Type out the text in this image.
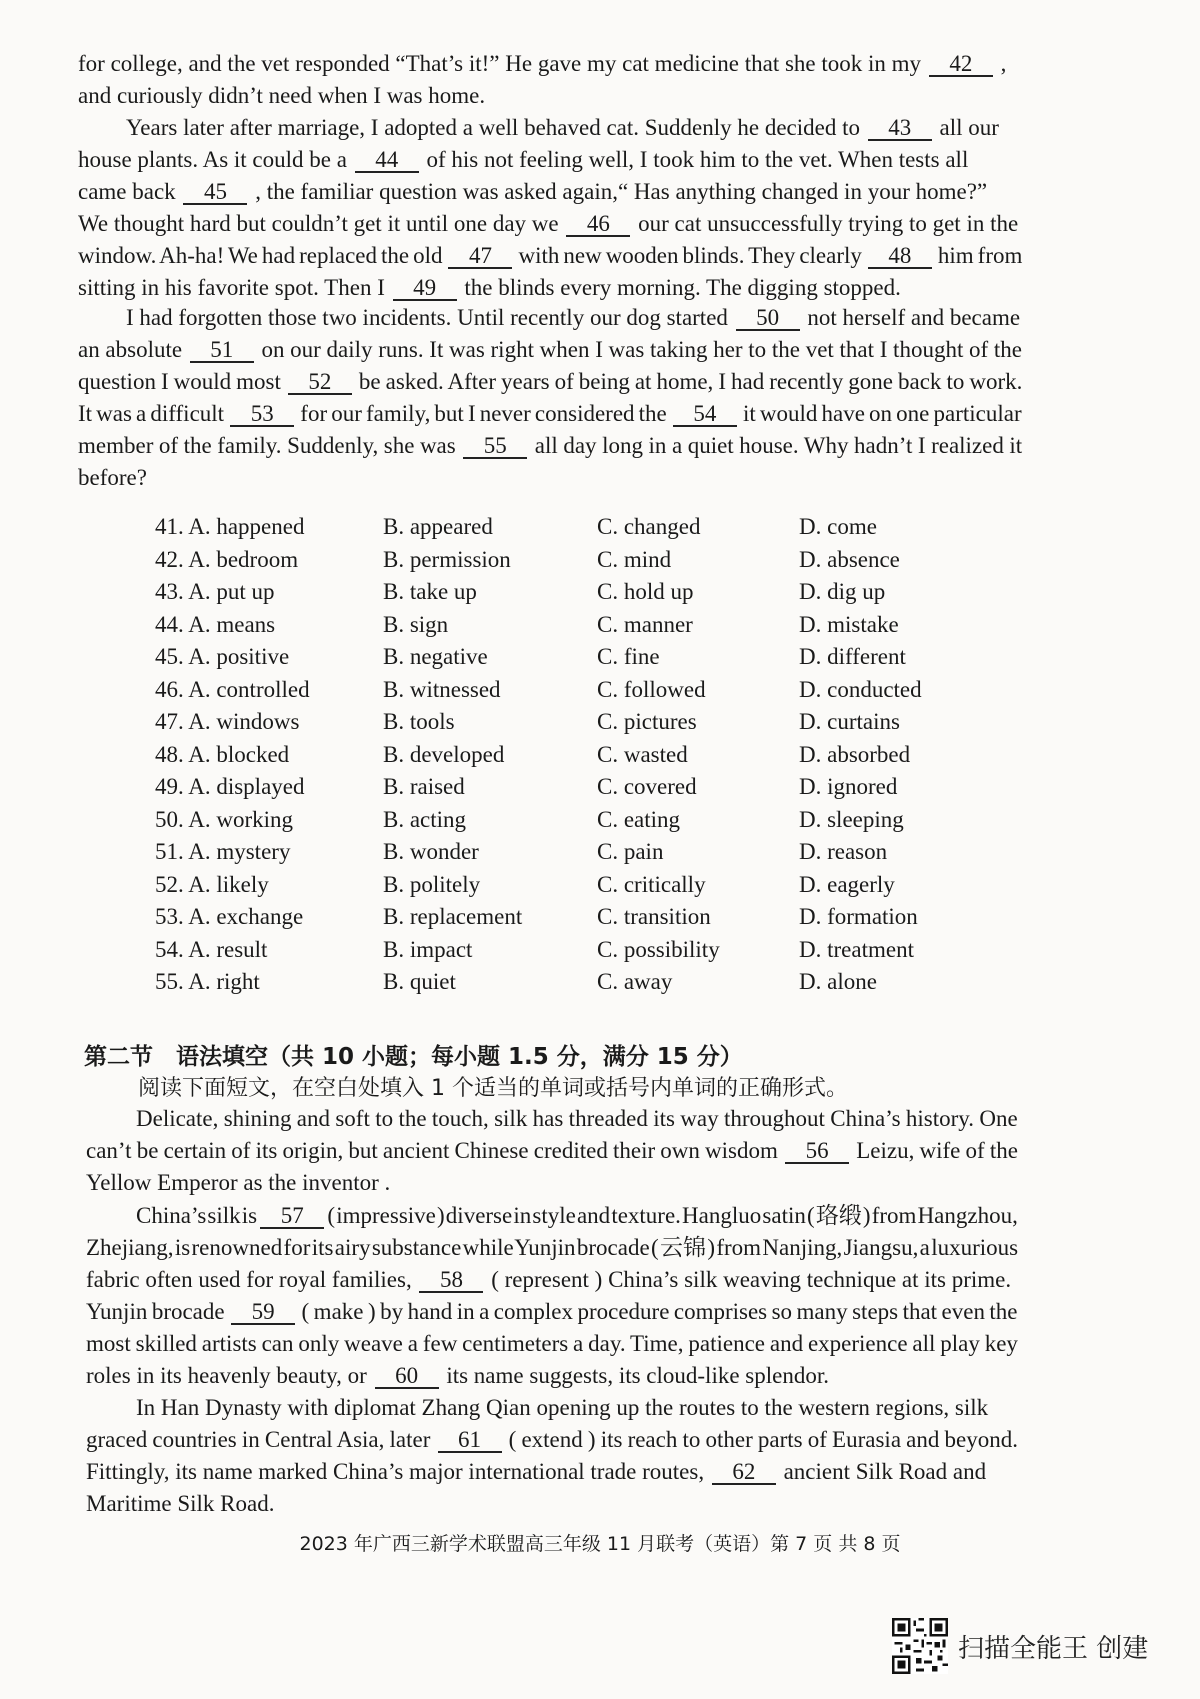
for college, and the vet responded “That’s it!” He gave my cat medicine that she took in my 42 ,
and curiously didn’t need when I was home.
Years later after marriage, I adopted a well behaved cat. Suddenly he decided to 43 all our
house plants. As it could be a 44 of his not feeling well, I took him to the vet. When tests all
came back 45 , the familiar question was asked again,“ Has anything changed in your home?”
We thought hard but couldn’t get it until one day we 46 our cat unsuccessfully trying to get in the
window. Ah-ha! We had replaced the old 47 with new wooden blinds. They clearly 48 him from
sitting in his favorite spot. Then I 49 the blinds every morning. The digging stopped.
I had forgotten those two incidents. Until recently our dog started 50 not herself and became
an absolute 51 on our daily runs. It was right when I was taking her to the vet that I thought of the
question I would most 52 be asked. After years of being at home, I had recently gone back to work.
It was a difficult 53 for our family, but I never considered the 54 it would have on one particular
member of the family. Suddenly, she was 55 all day long in a quiet house. Why hadn’t I realized it
before?
41. A. happened	B. appeared	C. changed	D. come
42. A. bedroom	B. permission	C. mind	D. absence
43. A. put up	B. take up	C. hold up	D. dig up
44. A. means	B. sign	C. manner	D. mistake
45. A. positive	B. negative	C. fine	D. different
46. A. controlled	B. witnessed	C. followed	D. conducted
47. A. windows	B. tools	C. pictures	D. curtains
48. A. blocked	B. developed	C. wasted	D. absorbed
49. A. displayed	B. raised	C. covered	D. ignored
50. A. working	B. acting	C. eating	D. sleeping
51. A. mystery	B. wonder	C. pain	D. reason
52. A. likely	B. politely	C. critically	D. eagerly
53. A. exchange	B. replacement	C. transition	D. formation
54. A. result	B. impact	C. possibility	D. treatment
55. A. right	B. quiet	C. away	D. alone
第二节　语法填空（共 10 小题；每小题 1.5 分，满分 15 分）
阅读下面短文，在空白处填入 1 个适当的单词或括号内单词的正确形式。
Delicate, shining and soft to the touch, silk has threaded its way throughout China’s history. One
can’t be certain of its origin, but ancient Chinese credited their own wisdom 56 Leizu, wife of the
Yellow Emperor as the inventor .
China’s silk is 57 ( impressive ) diverse in style and texture. Hangluo satin ( 珞缎 ) from Hangzhou,
Zhejiang, is renowned for its airy substance while Yunjin brocade ( 云锦 ) from Nanjing, Jiangsu, a luxurious
fabric often used for royal families, 58 ( represent ) China’s silk weaving technique at its prime.
Yunjin brocade 59 ( make ) by hand in a complex procedure comprises so many steps that even the
most skilled artists can only weave a few centimeters a day. Time, patience and experience all play key
roles in its heavenly beauty, or 60 its name suggests, its cloud-like splendor.
In Han Dynasty with diplomat Zhang Qian opening up the routes to the western regions, silk
graced countries in Central Asia, later 61 ( extend ) its reach to other parts of Eurasia and beyond.
Fittingly, its name marked China’s major international trade routes, 62 ancient Silk Road and
Maritime Silk Road.
2023 年广西三新学术联盟高三年级 11 月联考（英语）第 7 页 共 8 页
扫描全能王 创建
